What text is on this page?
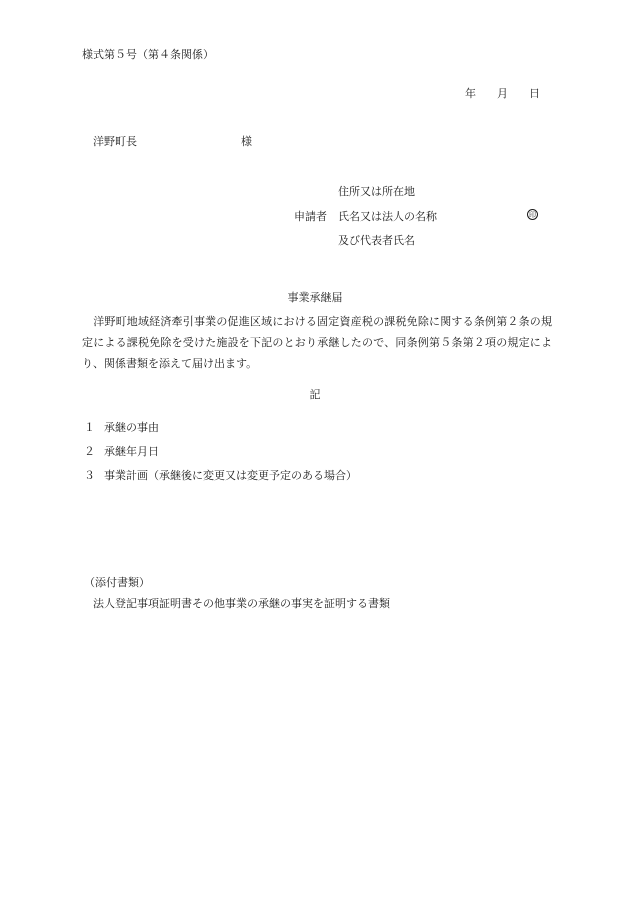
様式第５号（第４条関係）
年 月 日
洋野町長	様
住所又は所在地
申請者 氏名又は法人の名称	印
及び代表者氏名
事業承継届
洋野町地域経済牽引事業の促進区域における固定資産税の課税免除に関する条例第２条の規定による課税免除を受けた施設を下記のとおり承継したので、同条例第５条第２項の規定により、関係書類を添えて届け出ます。
記
１ 承継の事由
２ 承継年月日
３ 事業計画（承継後に変更又は変更予定のある場合）
（添付書類）
法人登記事項証明書その他事業の承継の事実を証明する書類
